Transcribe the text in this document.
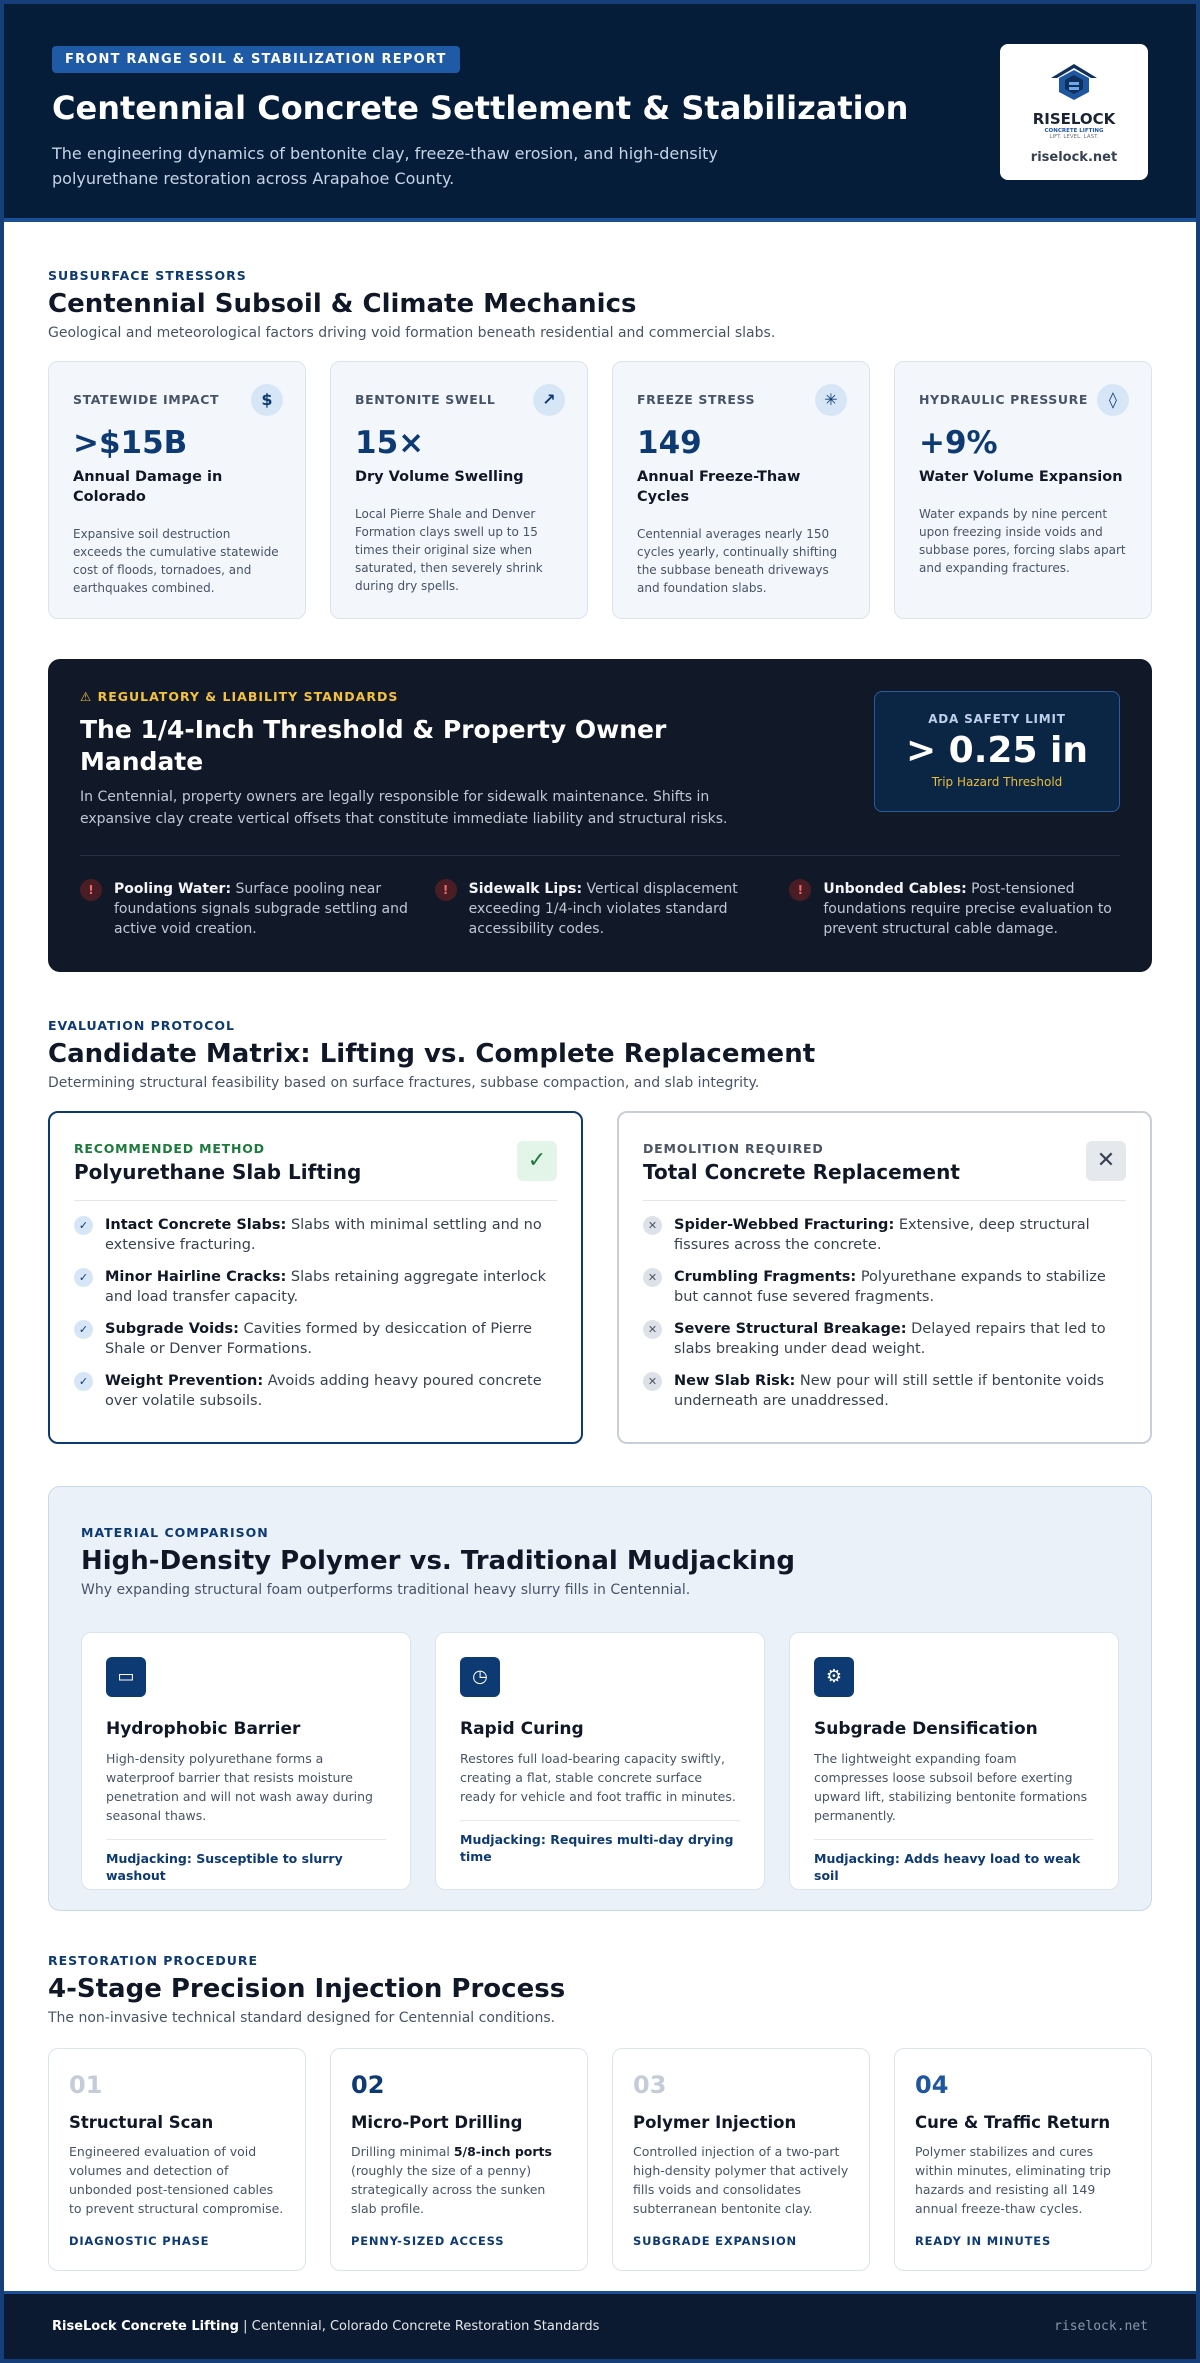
FRONT RANGE SOIL & STABILIZATION REPORT
Centennial Concrete Settlement & Stabilization

The engineering dynamics of bentonite clay, freeze-thaw erosion, and high-density polyurethane restoration across Arapahoe County.

RISELOCK
CONCRETE LIFTING
LIFT. LEVEL. LAST.
riselock.net
SUBSURFACE STRESSORS
Centennial Subsoil & Climate Mechanics
Geological and meteorological factors driving void formation beneath residential and commercial slabs.
STATEWIDE IMPACT	$
>$15B
Annual Damage in Colorado
Expansive soil destruction exceeds the cumulative statewide cost of floods, tornadoes, and earthquakes combined.
BENTONITE SWELL	↗
15×
Dry Volume Swelling
Local Pierre Shale and Denver Formation clays swell up to 15 times their original size when saturated, then severely shrink during dry spells.
FREEZE STRESS	✳
149
Annual Freeze-Thaw Cycles
Centennial averages nearly 150 cycles yearly, continually shifting the subbase beneath driveways and foundation slabs.
HYDRAULIC PRESSURE	◊
+9%
Water Volume Expansion
Water expands by nine percent upon freezing inside voids and subbase pores, forcing slabs apart and expanding fractures.
⚠ REGULATORY & LIABILITY STANDARDS
The 1/4-Inch Threshold & Property Owner Mandate

In Centennial, property owners are legally responsible for sidewalk maintenance. Shifts in expansive clay create vertical offsets that constitute immediate liability and structural risks.

ADA SAFETY LIMIT
> 0.25 in
Trip Hazard Threshold
!	Pooling Water: Surface pooling near foundations signals subgrade settling and active void creation.
!	Sidewalk Lips: Vertical displacement exceeding 1/4-inch violates standard accessibility codes.
!	Unbonded Cables: Post-tensioned foundations require precise evaluation to prevent structural cable damage.
EVALUATION PROTOCOL
Candidate Matrix: Lifting vs. Complete Replacement
Determining structural feasibility based on surface fractures, subbase compaction, and slab integrity.
RECOMMENDED METHOD
Polyurethane Slab Lifting	✓
✓	Intact Concrete Slabs: Slabs with minimal settling and no extensive fracturing.
✓	Minor Hairline Cracks: Slabs retaining aggregate interlock and load transfer capacity.
✓	Subgrade Voids: Cavities formed by desiccation of Pierre Shale or Denver Formations.
✓	Weight Prevention: Avoids adding heavy poured concrete over volatile subsoils.
DEMOLITION REQUIRED
Total Concrete Replacement	✕
✕	Spider-Webbed Fracturing: Extensive, deep structural fissures across the concrete.
✕	Crumbling Fragments: Polyurethane expands to stabilize but cannot fuse severed fragments.
✕	Severe Structural Breakage: Delayed repairs that led to slabs breaking under dead weight.
✕	New Slab Risk: New pour will still settle if bentonite voids underneath are unaddressed.
MATERIAL COMPARISON
High-Density Polymer vs. Traditional Mudjacking
Why expanding structural foam outperforms traditional heavy slurry fills in Centennial.
▭
Hydrophobic Barrier
High-density polyurethane forms a waterproof barrier that resists moisture penetration and will not wash away during seasonal thaws.
Mudjacking: Susceptible to slurry washout
◷
Rapid Curing
Restores full load-bearing capacity swiftly, creating a flat, stable concrete surface ready for vehicle and foot traffic in minutes.
Mudjacking: Requires multi-day drying time
⚙
Subgrade Densification
The lightweight expanding foam compresses loose subsoil before exerting upward lift, stabilizing bentonite formations permanently.
Mudjacking: Adds heavy load to weak soil
RESTORATION PROCEDURE
4-Stage Precision Injection Process
The non-invasive technical standard designed for Centennial conditions.
01
Structural Scan
Engineered evaluation of void volumes and detection of unbonded post-tensioned cables to prevent structural compromise.
DIAGNOSTIC PHASE
02
Micro-Port Drilling
Drilling minimal 5/8-inch ports (roughly the size of a penny) strategically across the sunken slab profile.
PENNY-SIZED ACCESS
03
Polymer Injection
Controlled injection of a two-part high-density polymer that actively fills voids and consolidates subterranean bentonite clay.
SUBGRADE EXPANSION
04
Cure & Traffic Return
Polymer stabilizes and cures within minutes, eliminating trip hazards and resisting all 149 annual freeze-thaw cycles.
READY IN MINUTES
RiseLock Concrete Lifting | Centennial, Colorado Concrete Restoration Standards	riselock.net
